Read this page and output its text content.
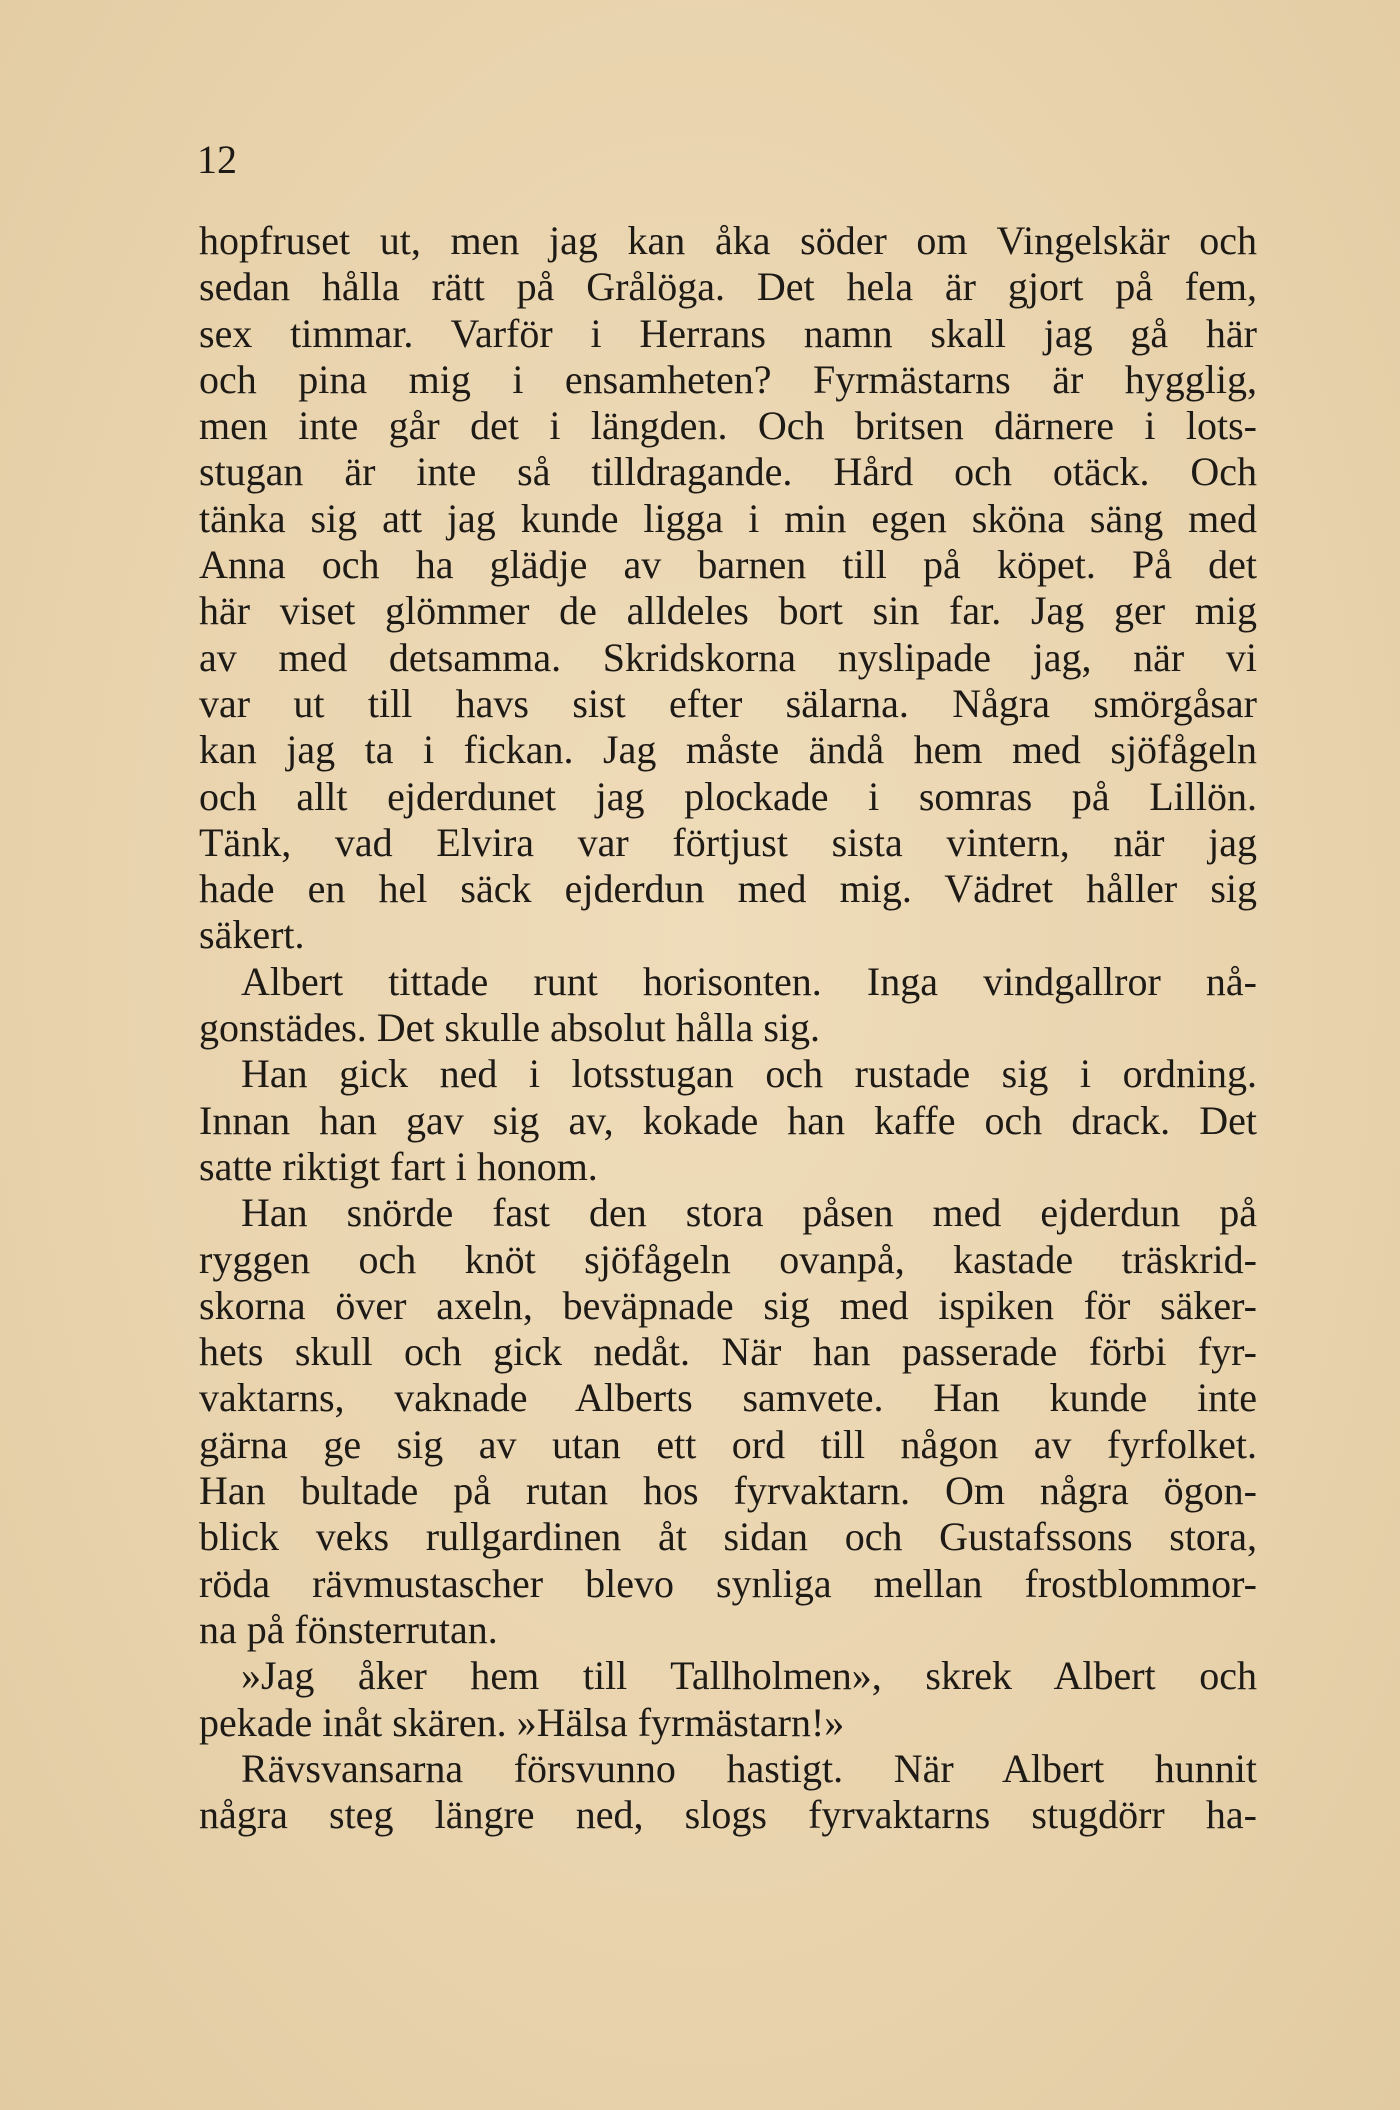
12
hopfruset ut, men jag kan åka söder om Vingelskär och
sedan hålla rätt på Grålöga. Det hela är gjort på fem,
sex timmar. Varför i Herrans namn skall jag gå här
och pina mig i ensamheten? Fyrmästarns är hygglig,
men inte går det i längden. Och britsen därnere i lots-
stugan är inte så tilldragande. Hård och otäck. Och
tänka sig att jag kunde ligga i min egen sköna säng med
Anna och ha glädje av barnen till på köpet. På det
här viset glömmer de alldeles bort sin far. Jag ger mig
av med detsamma. Skridskorna nyslipade jag, när vi
var ut till havs sist efter sälarna. Några smörgåsar
kan jag ta i fickan. Jag måste ändå hem med sjöfågeln
och allt ejderdunet jag plockade i somras på Lillön.
Tänk, vad Elvira var förtjust sista vintern, när jag
hade en hel säck ejderdun med mig. Vädret håller sig
säkert.
Albert tittade runt horisonten. Inga vindgallror nå-
gonstädes. Det skulle absolut hålla sig.
Han gick ned i lotsstugan och rustade sig i ordning.
Innan han gav sig av, kokade han kaffe och drack. Det
satte riktigt fart i honom.
Han snörde fast den stora påsen med ejderdun på
ryggen och knöt sjöfågeln ovanpå, kastade träskrid-
skorna över axeln, beväpnade sig med ispiken för säker-
hets skull och gick nedåt. När han passerade förbi fyr-
vaktarns, vaknade Alberts samvete. Han kunde inte
gärna ge sig av utan ett ord till någon av fyrfolket.
Han bultade på rutan hos fyrvaktarn. Om några ögon-
blick veks rullgardinen åt sidan och Gustafssons stora,
röda rävmustascher blevo synliga mellan frostblommor-
na på fönsterrutan.
»Jag åker hem till Tallholmen», skrek Albert och
pekade inåt skären. »Hälsa fyrmästarn!»
Rävsvansarna försvunno hastigt. När Albert hunnit
några steg längre ned, slogs fyrvaktarns stugdörr ha-
